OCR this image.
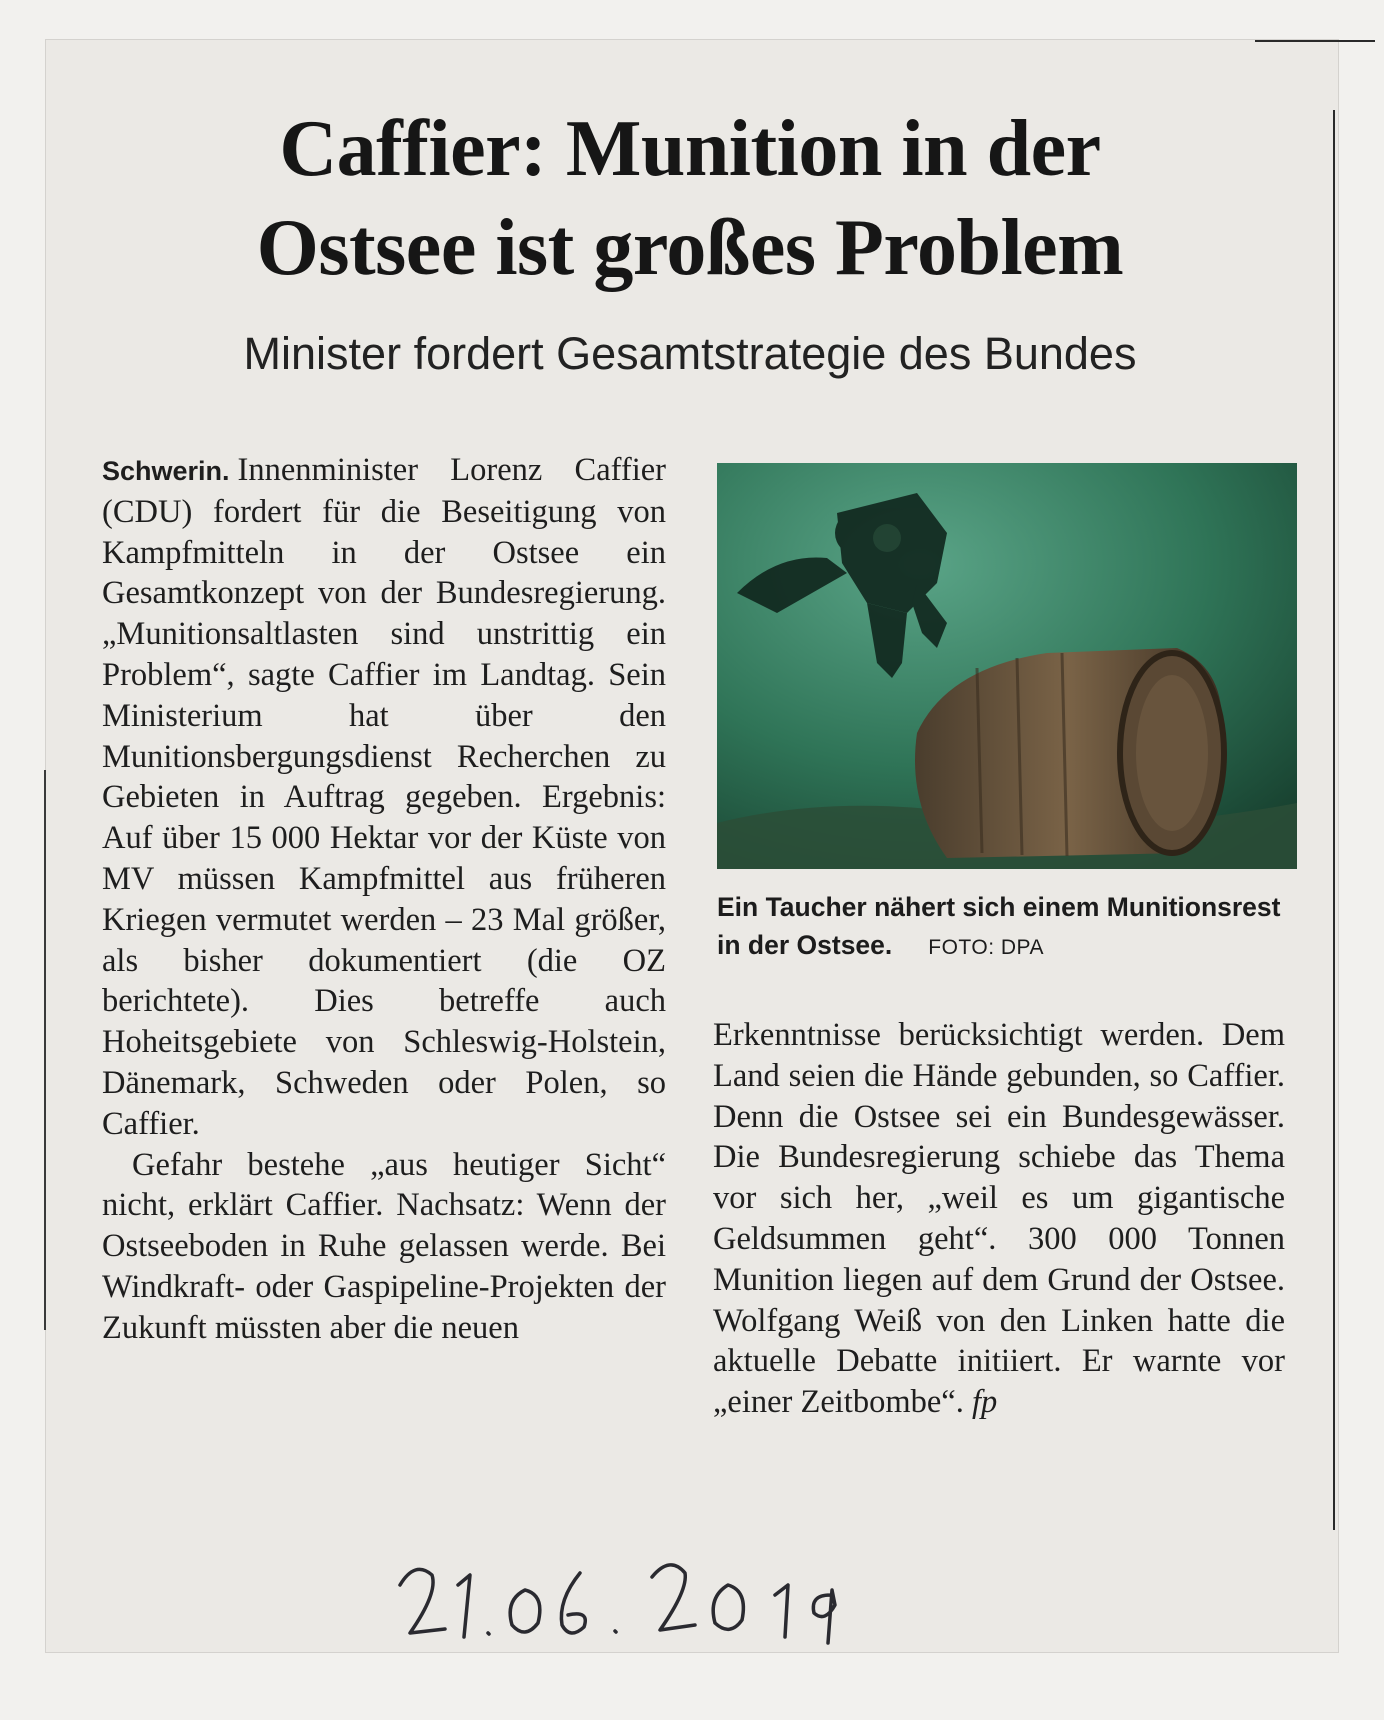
Caffier: Munition in der
Ostsee ist großes Problem
Minister fordert Gesamtstrategie des Bundes

Schwerin. Innenminister Lorenz Caffier (CDU) fordert für die Beseitigung von Kampfmitteln in der Ostsee ein Gesamtkonzept von der Bundesregierung. „Munitionsaltlasten sind unstrittig ein Problem“, sagte Caffier im Landtag. Sein Ministerium hat über den Munitionsbergungsdienst Recherchen zu Gebieten in Auftrag gegeben. Ergebnis: Auf über 15 000 Hektar vor der Küste von MV müssen Kampfmittel aus früheren Kriegen vermutet werden – 23 Mal größer, als bisher dokumentiert (die OZ berichtete). Dies betreffe auch Hoheitsgebiete von Schleswig-Holstein, Dänemark, Schweden oder Polen, so Caffier.

Gefahr bestehe „aus heutiger Sicht“ nicht, erklärt Caffier. Nachsatz: Wenn der Ostseeboden in Ruhe gelassen werde. Bei Windkraft- oder Gaspipeline-Projekten der Zukunft müssten aber die neuen

Ein Taucher nähert sich einem Munitionsrest in der Ostsee. FOTO: DPA

Erkenntnisse berücksichtigt werden. Dem Land seien die Hände gebunden, so Caffier. Denn die Ostsee sei ein Bundesgewässer. Die Bundesregierung schiebe das Thema vor sich her, „weil es um gigantische Geldsummen geht“. 300 000 Tonnen Munition liegen auf dem Grund der Ostsee. Wolfgang Weiß von den Linken hatte die aktuelle Debatte initiiert. Er warnte vor „einer Zeitbombe“. fp
